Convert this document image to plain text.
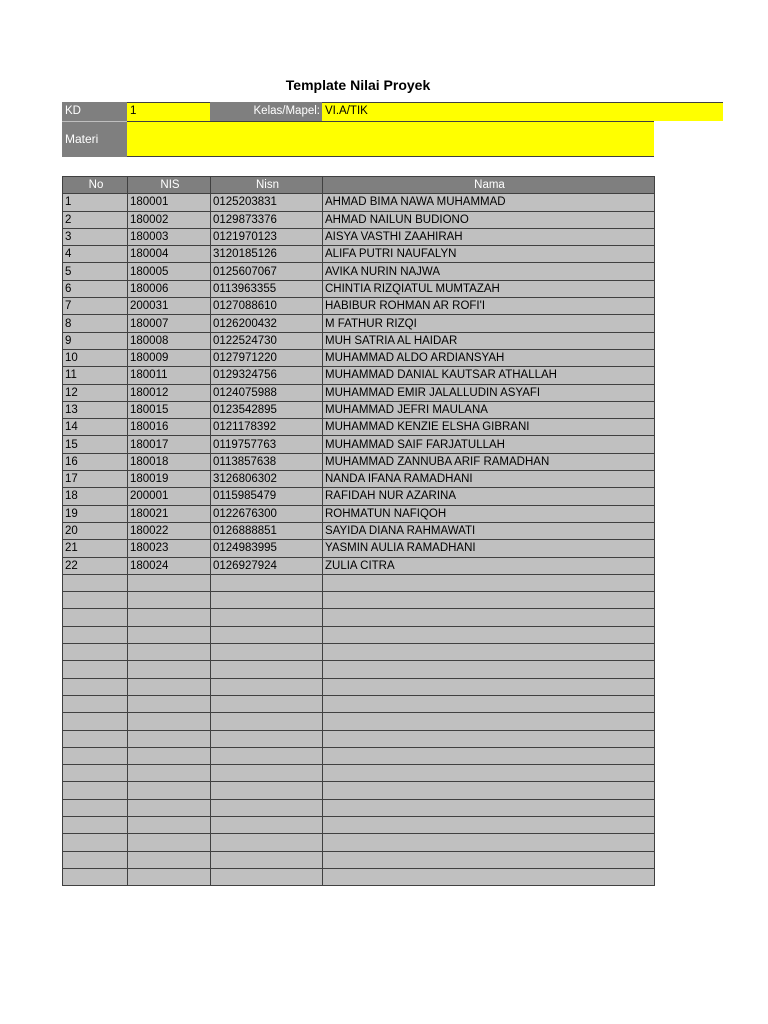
Template Nilai Proyek
KD	1	Kelas/Mapel: VI.A/TIK
Materi
No	NIS	Nisn	Nama
1	180001	0125203831	AHMAD BIMA NAWA MUHAMMAD
2	180002	0129873376	AHMAD NAILUN BUDIONO
3	180003	0121970123	AISYA VASTHI ZAAHIRAH
4	180004	3120185126	ALIFA PUTRI NAUFALYN
5	180005	0125607067	AVIKA NURIN NAJWA
6	180006	0113963355	CHINTIA RIZQIATUL MUMTAZAH
7	200031	0127088610	HABIBUR ROHMAN AR ROFI'I
8	180007	0126200432	M FATHUR RIZQI
9	180008	0122524730	MUH SATRIA AL HAIDAR
10	180009	0127971220	MUHAMMAD ALDO ARDIANSYAH
11	180011	0129324756	MUHAMMAD DANIAL KAUTSAR ATHALLAH
12	180012	0124075988	MUHAMMAD EMIR JALALLUDIN ASYAFI
13	180015	0123542895	MUHAMMAD JEFRI MAULANA
14	180016	0121178392	MUHAMMAD KENZIE ELSHA GIBRANI
15	180017	0119757763	MUHAMMAD SAIF FARJATULLAH
16	180018	0113857638	MUHAMMAD ZANNUBA ARIF RAMADHAN
17	180019	3126806302	NANDA IFANA RAMADHANI
18	200001	0115985479	RAFIDAH NUR AZARINA
19	180021	0122676300	ROHMATUN NAFIQOH
20	180022	0126888851	SAYIDA DIANA RAHMAWATI
21	180023	0124983995	YASMIN AULIA RAMADHANI
22	180024	0126927924	ZULIA CITRA
